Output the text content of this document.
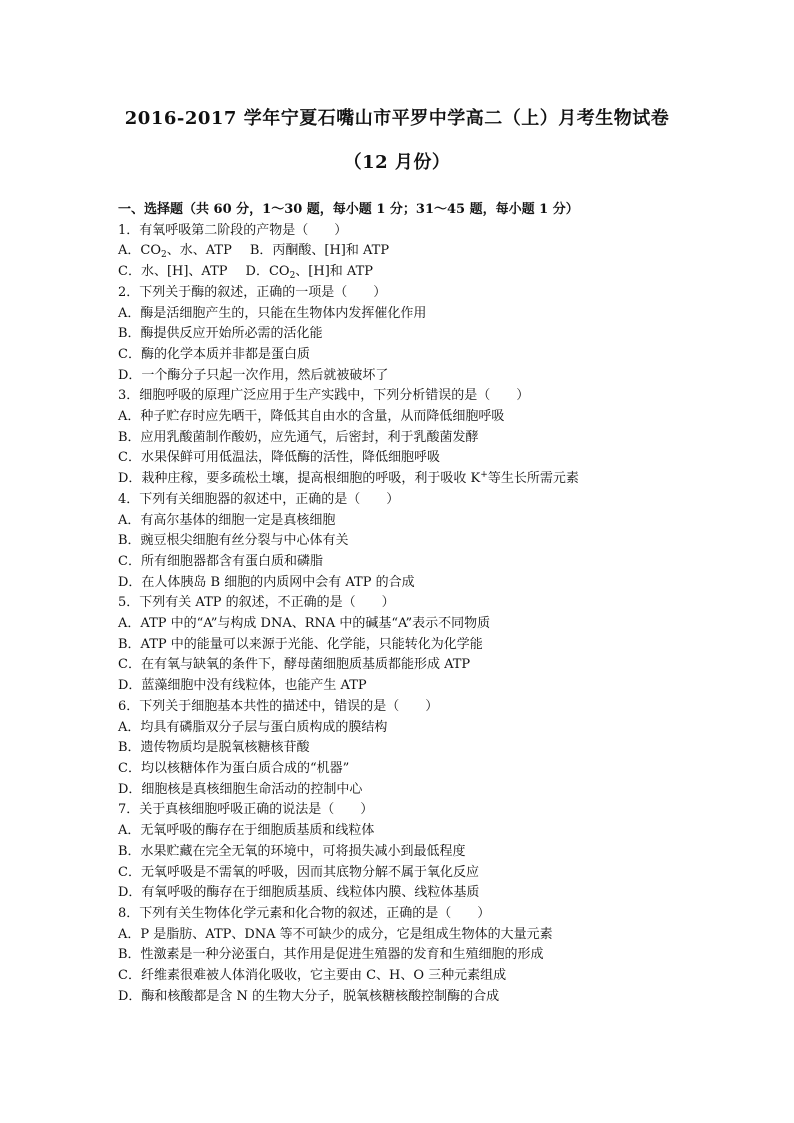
2016-2017 学年宁夏石嘴山市平罗中学高二（上）月考生物试卷
（12 月份）
一、选择题（共 60 分，1～30 题，每小题 1 分；31～45 题，每小题 1 分）
1．有氧呼吸第二阶段的产物是（　　）
A．$CO_2$、水、ATP B．丙酮酸、[H]和 ATP
C．水、[H]、ATP D．$CO_2$、[H]和 ATP
2．下列关于酶的叙述，正确的一项是（　　）
A．酶是活细胞产生的，只能在生物体内发挥催化作用
B．酶提供反应开始所必需的活化能
C．酶的化学本质并非都是蛋白质
D．一个酶分子只起一次作用，然后就被破坏了
3．细胞呼吸的原理广泛应用于生产实践中，下列分析错误的是（　　）
A．种子贮存时应先晒干，降低其自由水的含量，从而降低细胞呼吸
B．应用乳酸菌制作酸奶，应先通气，后密封，利于乳酸菌发酵
C．水果保鲜可用低温法，降低酶的活性，降低细胞呼吸
D．栽种庄稼，要多疏松土壤，提高根细胞的呼吸，利于吸收 K+等生长所需元素
4．下列有关细胞器的叙述中，正确的是（　　）
A．有高尔基体的细胞一定是真核细胞
B．豌豆根尖细胞有丝分裂与中心体有关
C．所有细胞器都含有蛋白质和磷脂
D．在人体胰岛 B 细胞的内质网中会有 ATP 的合成
5．下列有关 ATP 的叙述，不正确的是（　　）
A．ATP 中的“A”与构成 DNA、RNA 中的碱基“A”表示不同物质
B．ATP 中的能量可以来源于光能、化学能，只能转化为化学能
C．在有氧与缺氧的条件下，酵母菌细胞质基质都能形成 ATP
D．蓝藻细胞中没有线粒体，也能产生 ATP
6．下列关于细胞基本共性的描述中，错误的是（　　）
A．均具有磷脂双分子层与蛋白质构成的膜结构
B．遗传物质均是脱氧核糖核苷酸
C．均以核糖体作为蛋白质合成的“机器”
D．细胞核是真核细胞生命活动的控制中心
7．关于真核细胞呼吸正确的说法是（　　）
A．无氧呼吸的酶存在于细胞质基质和线粒体
B．水果贮藏在完全无氧的环境中，可将损失减小到最低程度
C．无氧呼吸是不需氧的呼吸，因而其底物分解不属于氧化反应
D．有氧呼吸的酶存在于细胞质基质、线粒体内膜、线粒体基质
8．下列有关生物体化学元素和化合物的叙述，正确的是（　　）
A．P 是脂肪、ATP、DNA 等不可缺少的成分，它是组成生物体的大量元素
B．性激素是一种分泌蛋白，其作用是促进生殖器的发育和生殖细胞的形成
C．纤维素很难被人体消化吸收，它主要由 C、H、O 三种元素组成
D．酶和核酸都是含 N 的生物大分子，脱氧核糖核酸控制酶的合成
